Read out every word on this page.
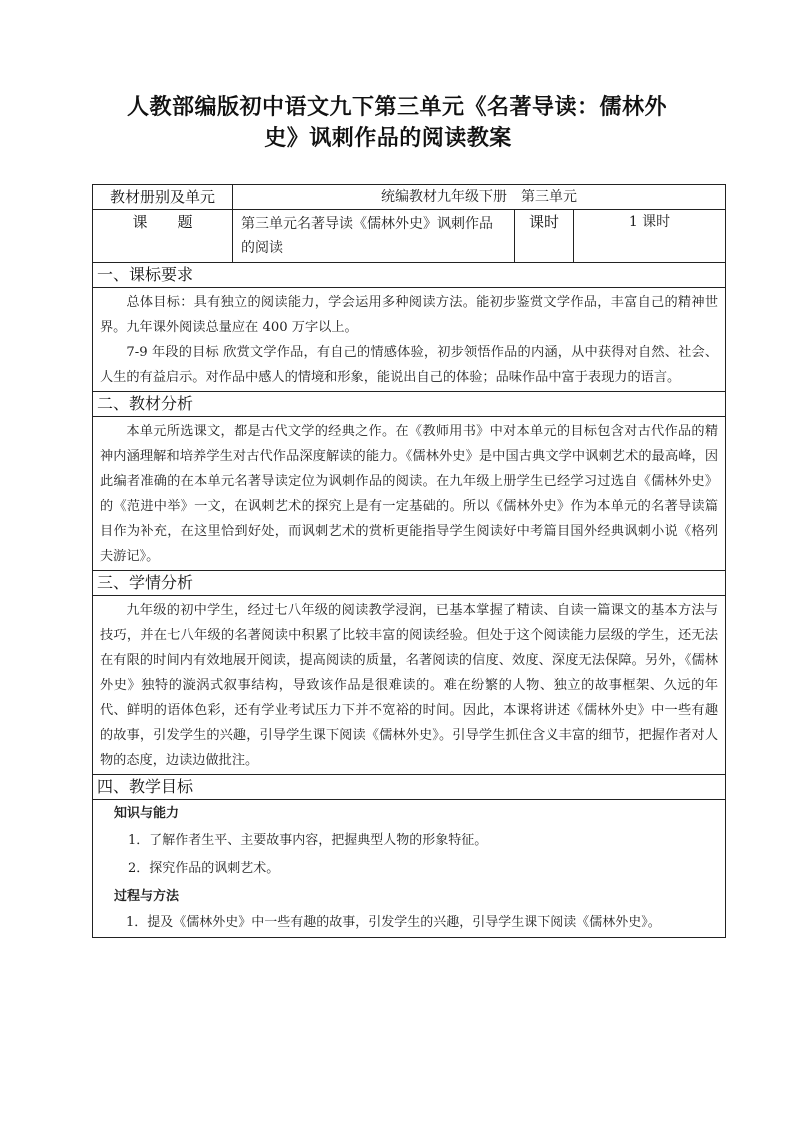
人教部编版初中语文九下第三单元《名著导读：儒林外
史》讽刺作品的阅读教案
教材册别及单元	统编教材九年级下册　第三单元		
课　　题	第三单元名著导读《儒林外史》讽刺作品的阅读	课时	1 课时
一、课标要求			

总体目标：具有独立的阅读能力，学会运用多种阅读方法。能初步鉴赏文学作品，丰富自己的精神世界。九年课外阅读总量应在 400 万字以上。

7-9 年段的目标 欣赏文学作品，有自己的情感体验，初步领悟作品的内涵，从中获得对自然、社会、人生的有益启示。对作品中感人的情境和形象，能说出自己的体验；品味作品中富于表现力的语言。			

二、教材分析			

本单元所选课文，都是古代文学的经典之作。在《教师用书》中对本单元的目标包含对古代作品的精神内涵理解和培养学生对古代作品深度解读的能力。《儒林外史》是中国古典文学中讽刺艺术的最高峰，因此编者准确的在本单元名著导读定位为讽刺作品的阅读。在九年级上册学生已经学习过选自《儒林外史》的《范进中举》一文，在讽刺艺术的探究上是有一定基础的。所以《儒林外史》作为本单元的名著导读篇目作为补充，在这里恰到好处，而讽刺艺术的赏析更能指导学生阅读好中考篇目国外经典讽刺小说《格列夫游记》。			

三、学情分析			

九年级的初中学生，经过七八年级的阅读教学浸润，已基本掌握了精读、自读一篇课文的基本方法与技巧，并在七八年级的名著阅读中积累了比较丰富的阅读经验。但处于这个阅读能力层级的学生，还无法在有限的时间内有效地展开阅读，提高阅读的质量，名著阅读的信度、效度、深度无法保障。另外，《儒林外史》独特的漩涡式叙事结构，导致该作品是很难读的。难在纷繁的人物、独立的故事框架、久远的年代、鲜明的语体色彩，还有学业考试压力下并不宽裕的时间。因此，本课将讲述《儒林外史》中一些有趣的故事，引发学生的兴趣，引导学生课下阅读《儒林外史》。引导学生抓住含义丰富的细节，把握作者对人物的态度，边读边做批注。			

四、教学目标			

知识与能力
1．了解作者生平、主要故事内容，把握典型人物的形象特征。
2．探究作品的讽刺艺术。
过程与方法
1．提及《儒林外史》中一些有趣的故事，引发学生的兴趣，引导学生课下阅读《儒林外史》。			
